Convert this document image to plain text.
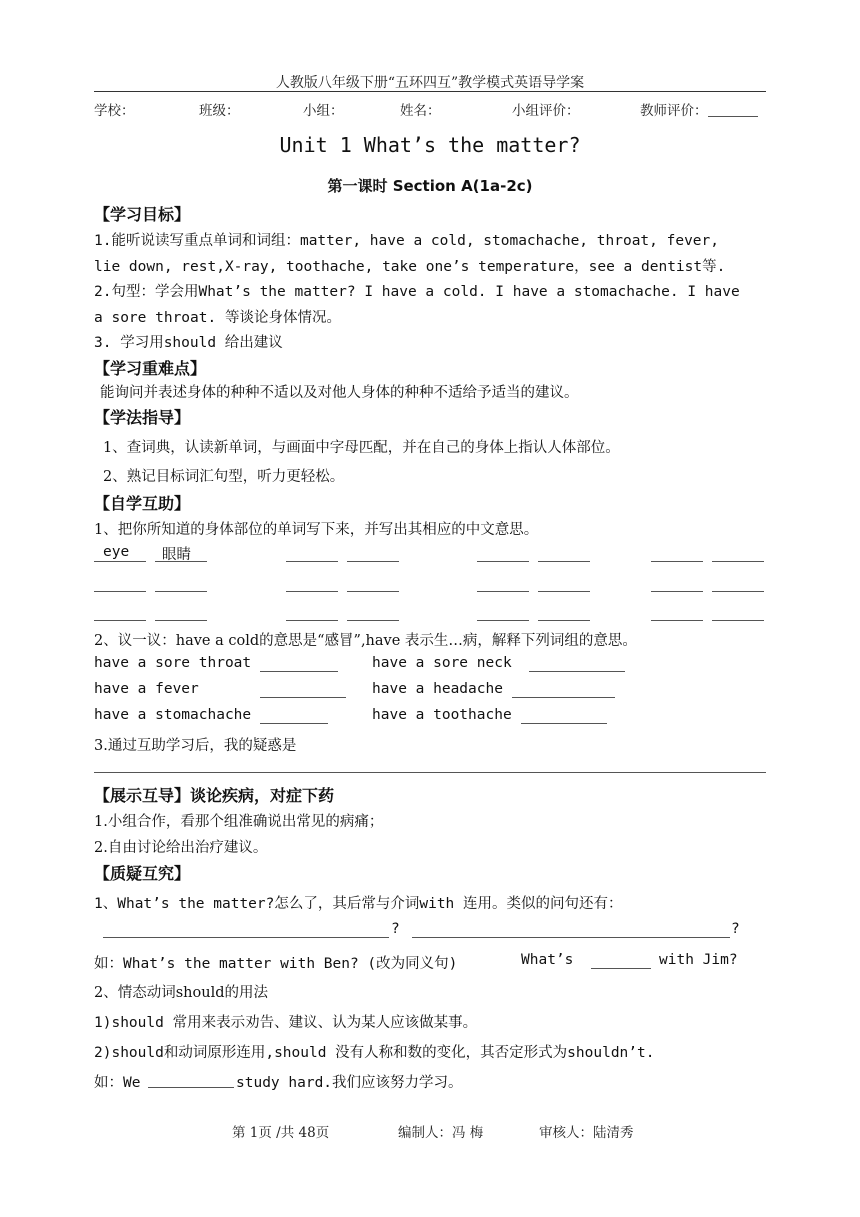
人教版八年级下册“五环四互”教学模式英语导学案
学校：	班级：	小组：	姓名：	小组评价：	教师评价：
Unit 1 What’s the matter?
第一课时 Section A(1a-2c)
【学习目标】
1.能听说读写重点单词和词组：matter, have a cold, stomachache, throat, fever,
lie down, rest,X-ray, toothache, take one’s temperature，see a dentist等.
2.句型：学会用What’s the matter? I have a cold. I have a stomachache. I have
a sore throat. 等谈论身体情况。
3. 学习用should 给出建议
【学习重难点】
能询问并表述身体的种种不适以及对他人身体的种种不适给予适当的建议。
【学法指导】
1、查词典，认读新单词，与画面中字母匹配，并在自己的身体上指认人体部位。
2、熟记目标词汇句型，听力更轻松。
【自学互助】
1、把你所知道的身体部位的单词写下来，并写出其相应的中文意思。
eye 眼睛
2、议一议：have a cold的意思是“感冒”,have 表示生…病，解释下列词组的意思。
have a sore throat	have a sore neck
have a fever	have a headache
have a stomachache	have a toothache
3.通过互助学习后，我的疑惑是
【展示互导】谈论疾病，对症下药
1.小组合作，看那个组准确说出常见的病痛；
2.自由讨论给出治疗建议。
【质疑互究】
1、What’s the matter?怎么了，其后常与介词with 连用。类似的问句还有：
?	?
如：What’s the matter with Ben? (改为同义句)	What’s	with Jim?
2、情态动词should的用法
1)should 常用来表示劝告、建议、认为某人应该做某事。
2)should和动词原形连用,should 没有人称和数的变化，其否定形式为shouldn’t.
如：We	study hard.我们应该努力学习。
第 1页 /共 48页	编制人：冯 梅	审核人：陆清秀
